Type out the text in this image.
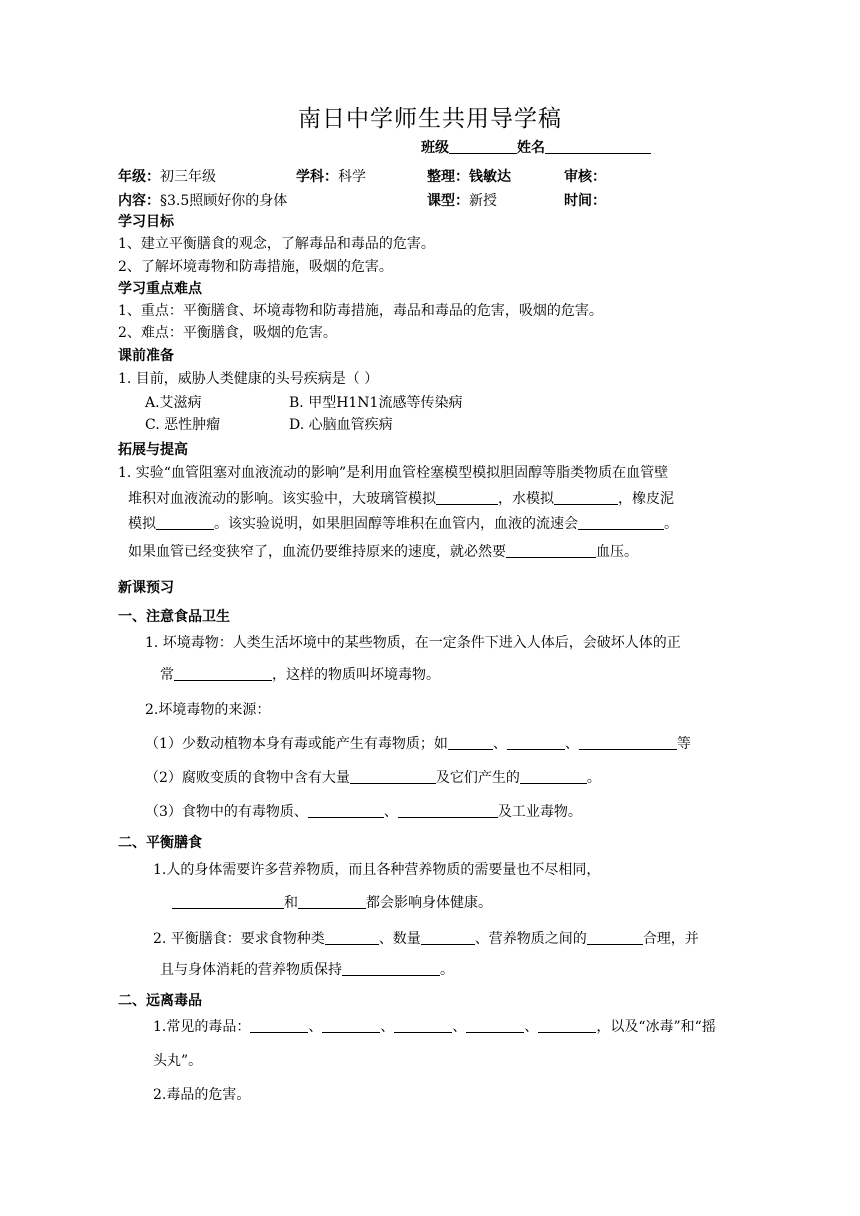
南日中学师生共用导学稿
班级	姓名
年级：初三年级	学科：科学	整理：钱敏达	审核：
内容：§3.5照顾好你的身体	课型：新授	时间：
学习目标
1、建立平衡膳食的观念，了解毒品和毒品的危害。
2、了解坏境毒物和防毒措施，吸烟的危害。
学习重点难点
1、重点：平衡膳食、坏境毒物和防毒措施，毒品和毒品的危害，吸烟的危害。
2、难点：平衡膳食，吸烟的危害。
课前准备
1. 目前，威胁人类健康的头号疾病是（ ）
A.艾滋病	B. 甲型H1N1流感等传染病
C. 恶性肿瘤	D. 心脑血管疾病
拓展与提高
1. 实验“血管阻塞对血液流动的影响”是利用血管栓塞模型模拟胆固醇等脂类物质在血管壁
堆积对血液流动的影响。该实验中，大玻璃管模拟	，水模拟	，橡皮泥
模拟	。该实验说明，如果胆固醇等堆积在血管内，血液的流速会	。
如果血管已经变狭窄了，血流仍要维持原来的速度，就必然要	血压。
新课预习
一、注意食品卫生
1. 坏境毒物：人类生活坏境中的某些物质，在一定条件下进入人体后，会破坏人体的正
常	，这样的物质叫坏境毒物。
2.坏境毒物的来源：
（1）少数动植物本身有毒或能产生有毒物质；如	、	、	等
（2）腐败变质的食物中含有大量	及它们产生的	。
（3）食物中的有毒物质、	、	及工业毒物。
二、平衡膳食
1.人的身体需要许多营养物质，而且各种营养物质的需要量也不尽相同，
和	都会影响身体健康。
2. 平衡膳食：要求食物种类	、数量	、营养物质之间的	合理，并
且与身体消耗的营养物质保持	。
二、远离毒品
1.常见的毒品：	、	、	、	、	，以及“冰毒”和“摇
头丸”。
2.毒品的危害。
